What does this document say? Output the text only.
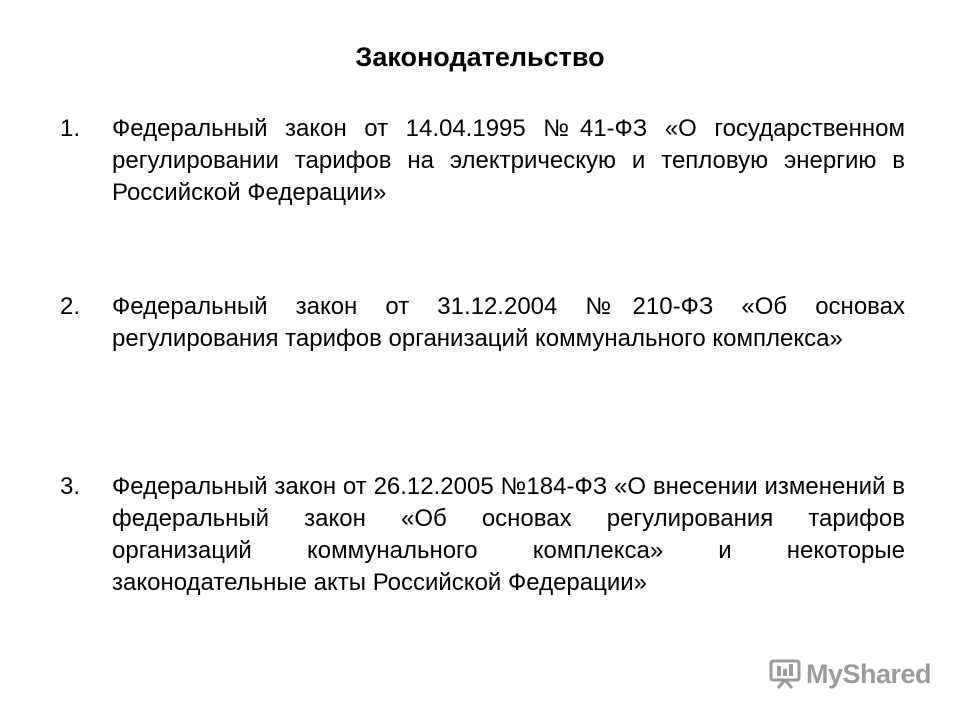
Законодательство
1.	Федеральный закон от 14.04.1995 №41-ФЗ «О государственном регулировании тарифов на электрическую и тепловую энергию в Российской Федерации»
2.	Федеральный закон от 31.12.2004 №210-ФЗ «Об основах регулирования тарифов организаций коммунального комплекса»
3.	Федеральный закон от 26.12.2005 №184-ФЗ «О внесении изменений в федеральный закон «Об основах регулирования тарифов организаций коммунального комплекса» и некоторые законодательные акты Российской Федерации»
MyShared
